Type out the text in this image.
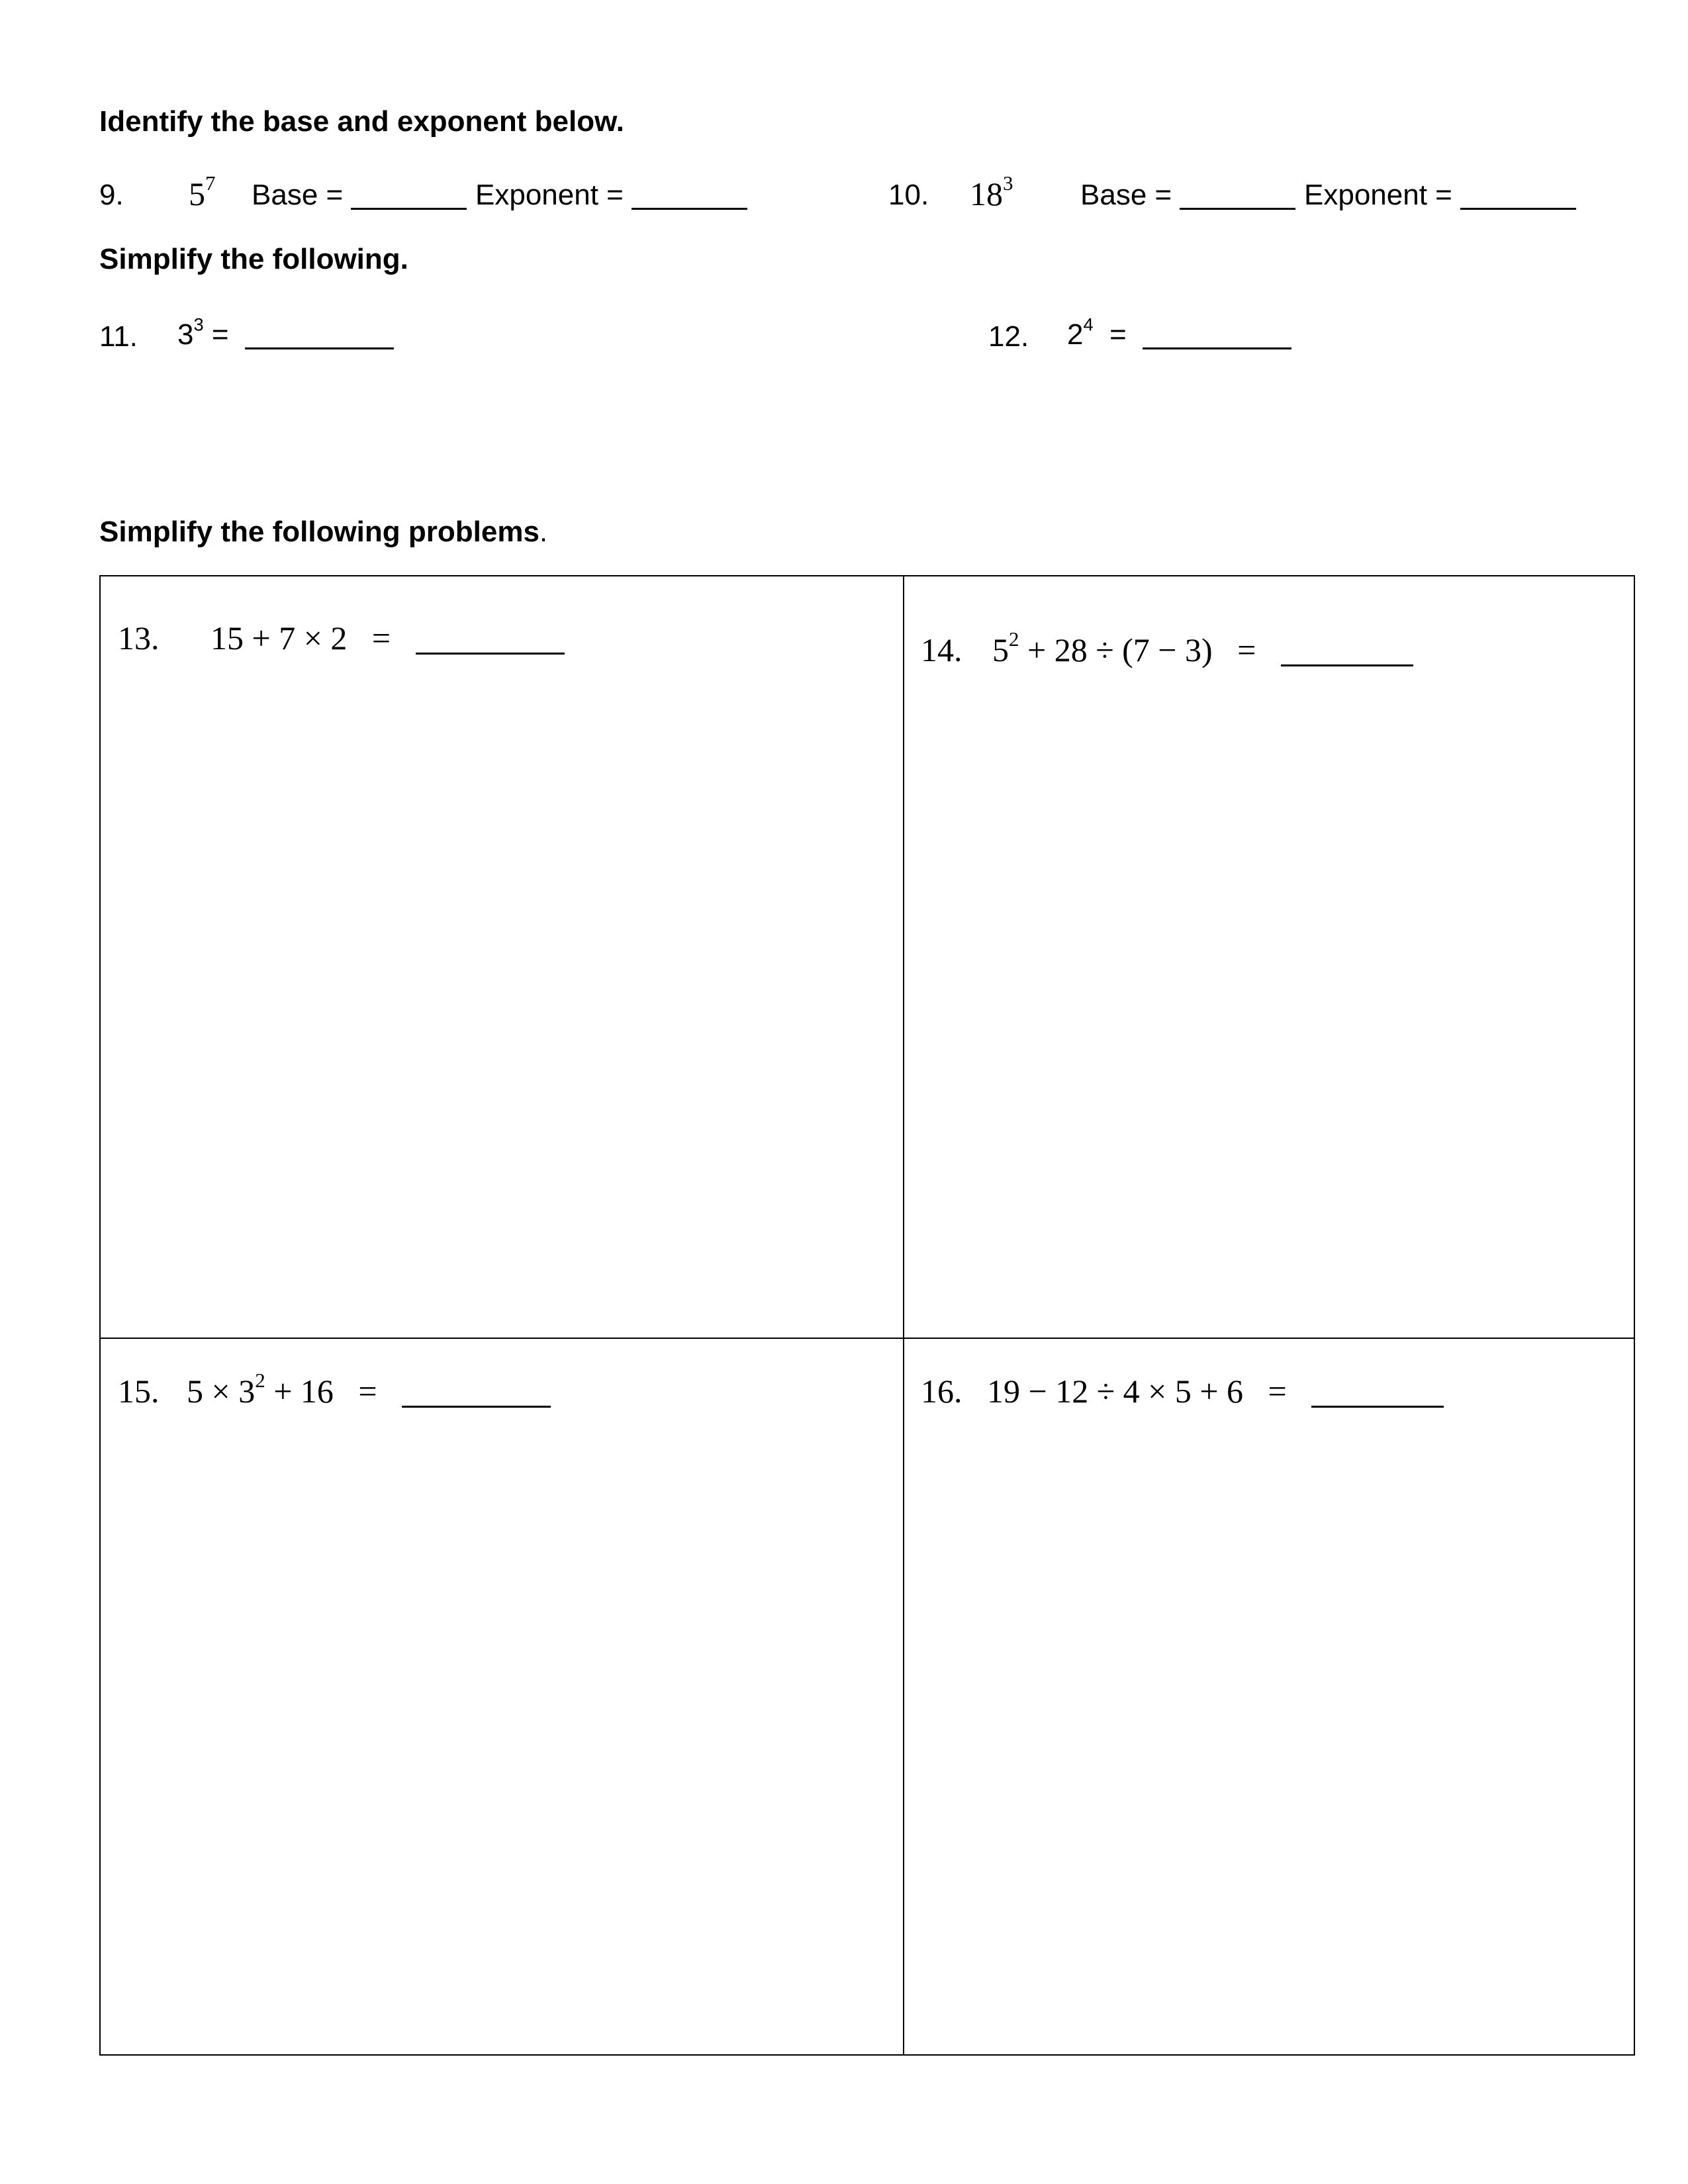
Identify the base and exponent below.
9. $5^7$ Base =	Exponent =	10. $18^3$ Base =	Exponent =
Simplify the following.
11. $3^3$ =	12. $2^4$ =
Simplify the following problems.
13. 15 + 7 × 2 =	14. $5^2 + 28 \div (7 - 3)$ =
15. $5 \times 3^2 + 16$ =	16. 19 − 12 ÷ 4 × 5 + 6 =
